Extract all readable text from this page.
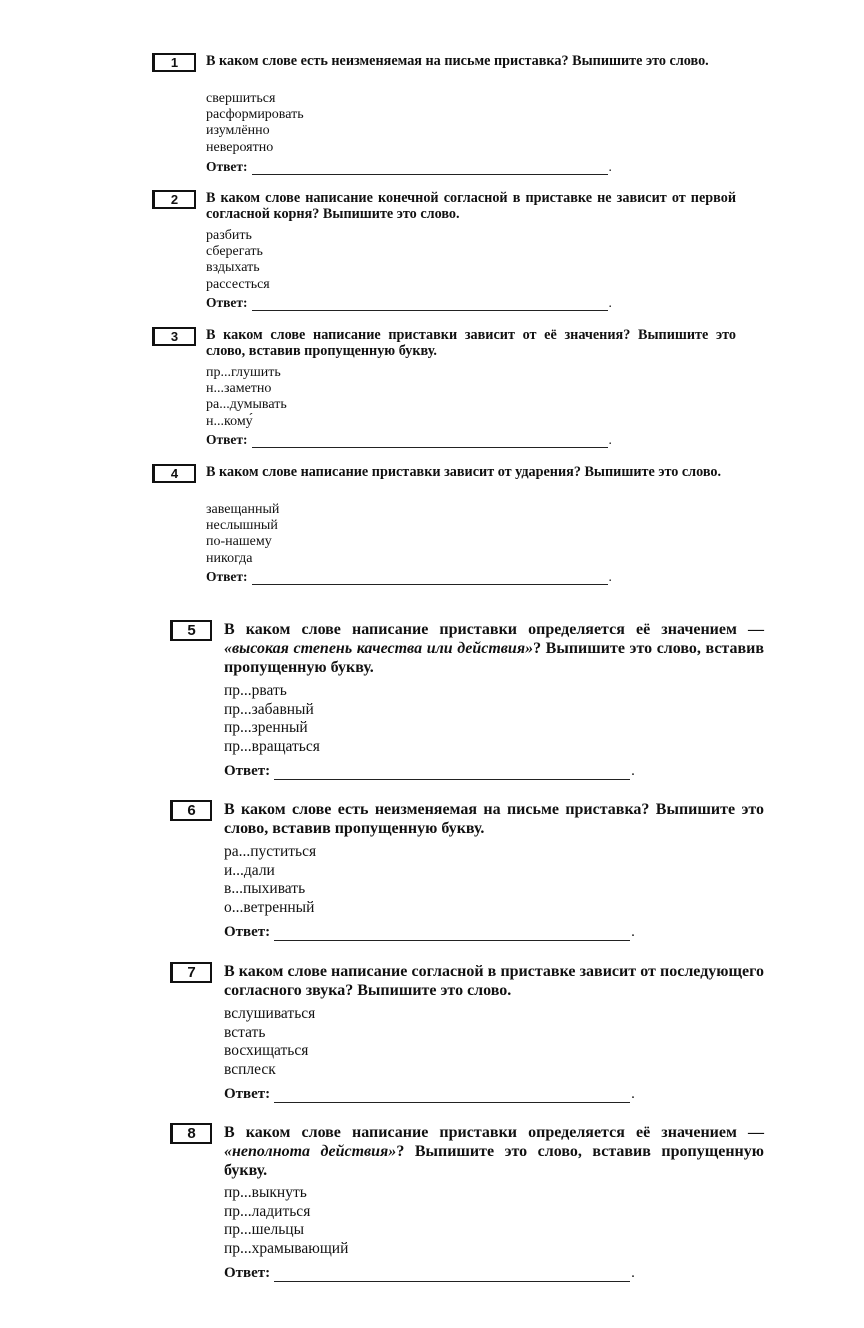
1	В каком слове есть неизменяемая на письме приставка? Выпишите это слово.

свершиться
расформировать
изумлённо
невероятно
Ответ:	.
2	В каком слове написание конечной согласной в приставке не зависит от первой согласной корня? Выпишите это слово.

разбить
сберегать
вздыхать
рассесться
Ответ:	.
3	В каком слове написание приставки зависит от её значения? Выпишите это слово, вставив пропущенную букву.

пр...глушить
н...заметно
ра...думывать
н...кому́
Ответ:	.
4	В каком слове написание приставки зависит от ударения? Выпишите это слово.

завещанный
неслышный
по-нашему
никогда
Ответ:	.
5	В каком слове написание приставки определяется её значением — «высокая степень качества или действия»? Выпишите это слово, вставив пропущенную букву.

пр...рвать
пр...забавный
пр...зренный
пр...вращаться
Ответ:	.
6	В каком слове есть неизменяемая на письме приставка? Выпишите это слово, вставив пропущенную букву.

ра...пуститься
и...дали
в...пыхивать
о...ветренный
Ответ:	.
7	В каком слове написание согласной в приставке зависит от последующего согласного звука? Выпишите это слово.

вслушиваться
встать
восхищаться
всплеск
Ответ:	.
8	В каком слове написание приставки определяется её значением — «неполнота действия»? Выпишите это слово, вставив пропущенную букву.

пр...выкнуть
пр...ладиться
пр...шельцы
пр...храмывающий
Ответ:	.
